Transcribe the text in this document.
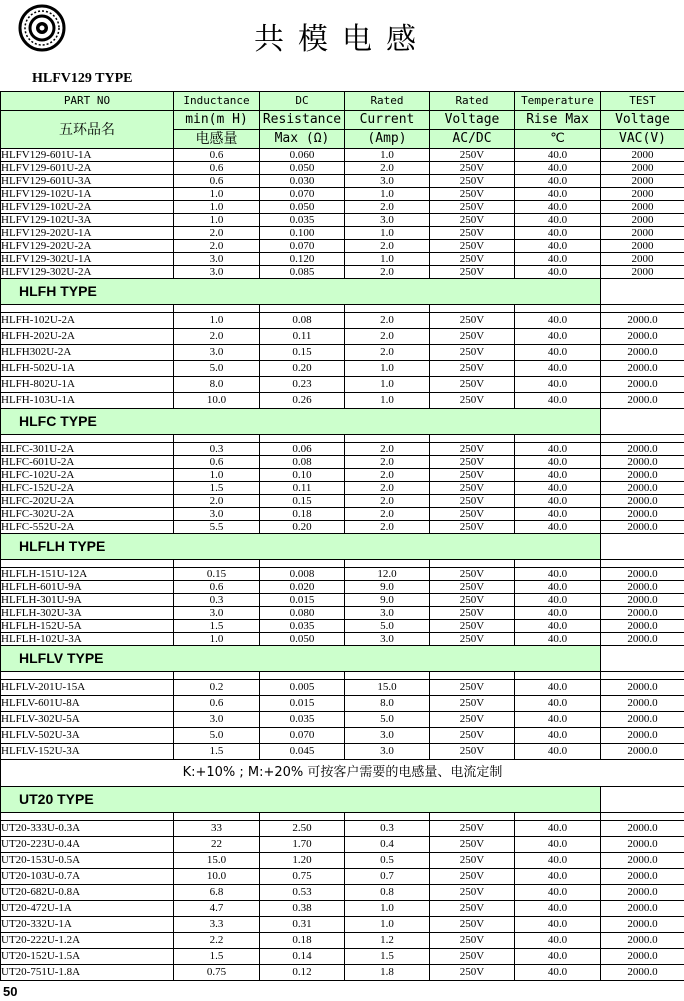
共模电感
HLFV129 TYPE
PART NO	Inductance	DC	Rated	Rated	Temperature	TEST
五环品名	min(m H)	Resistance	Current	Voltage	Rise Max	Voltage
	电感量	Max (Ω)	(Amp)	AC/DC	℃	VAC(V)
HLFV129-601U-1A	0.6	0.060	1.0	250V	40.0	2000
HLFV129-601U-2A	0.6	0.050	2.0	250V	40.0	2000
HLFV129-601U-3A	0.6	0.030	3.0	250V	40.0	2000
HLFV129-102U-1A	1.0	0.070	1.0	250V	40.0	2000
HLFV129-102U-2A	1.0	0.050	2.0	250V	40.0	2000
HLFV129-102U-3A	1.0	0.035	3.0	250V	40.0	2000
HLFV129-202U-1A	2.0	0.100	1.0	250V	40.0	2000
HLFV129-202U-2A	2.0	0.070	2.0	250V	40.0	2000
HLFV129-302U-1A	3.0	0.120	1.0	250V	40.0	2000
HLFV129-302U-2A	3.0	0.085	2.0	250V	40.0	2000
HLFH TYPE						

HLFH-102U-2A	1.0	0.08	2.0	250V	40.0	2000.0
HLFH-202U-2A	2.0	0.11	2.0	250V	40.0	2000.0
HLFH302U-2A	3.0	0.15	2.0	250V	40.0	2000.0
HLFH-502U-1A	5.0	0.20	1.0	250V	40.0	2000.0
HLFH-802U-1A	8.0	0.23	1.0	250V	40.0	2000.0
HLFH-103U-1A	10.0	0.26	1.0	250V	40.0	2000.0
HLFC TYPE						

HLFC-301U-2A	0.3	0.06	2.0	250V	40.0	2000.0
HLFC-601U-2A	0.6	0.08	2.0	250V	40.0	2000.0
HLFC-102U-2A	1.0	0.10	2.0	250V	40.0	2000.0
HLFC-152U-2A	1.5	0.11	2.0	250V	40.0	2000.0
HLFC-202U-2A	2.0	0.15	2.0	250V	40.0	2000.0
HLFC-302U-2A	3.0	0.18	2.0	250V	40.0	2000.0
HLFC-552U-2A	5.5	0.20	2.0	250V	40.0	2000.0
HLFLH TYPE						

HLFLH-151U-12A	0.15	0.008	12.0	250V	40.0	2000.0
HLFLH-601U-9A	0.6	0.020	9.0	250V	40.0	2000.0
HLFLH-301U-9A	0.3	0.015	9.0	250V	40.0	2000.0
HLFLH-302U-3A	3.0	0.080	3.0	250V	40.0	2000.0
HLFLH-152U-5A	1.5	0.035	5.0	250V	40.0	2000.0
HLFLH-102U-3A	1.0	0.050	3.0	250V	40.0	2000.0
HLFLV TYPE						

HLFLV-201U-15A	0.2	0.005	15.0	250V	40.0	2000.0
HLFLV-601U-8A	0.6	0.015	8.0	250V	40.0	2000.0
HLFLV-302U-5A	3.0	0.035	5.0	250V	40.0	2000.0
HLFLV-502U-3A	5.0	0.070	3.0	250V	40.0	2000.0
HLFLV-152U-3A	1.5	0.045	3.0	250V	40.0	2000.0
K:+10% ; M:+20% 可按客户需要的电感量、电流定制						
UT20 TYPE						

UT20-333U-0.3A	33	2.50	0.3	250V	40.0	2000.0
UT20-223U-0.4A	22	1.70	0.4	250V	40.0	2000.0
UT20-153U-0.5A	15.0	1.20	0.5	250V	40.0	2000.0
UT20-103U-0.7A	10.0	0.75	0.7	250V	40.0	2000.0
UT20-682U-0.8A	6.8	0.53	0.8	250V	40.0	2000.0
UT20-472U-1A	4.7	0.38	1.0	250V	40.0	2000.0
UT20-332U-1A	3.3	0.31	1.0	250V	40.0	2000.0
UT20-222U-1.2A	2.2	0.18	1.2	250V	40.0	2000.0
UT20-152U-1.5A	1.5	0.14	1.5	250V	40.0	2000.0
UT20-751U-1.8A	0.75	0.12	1.8	250V	40.0	2000.0
50
